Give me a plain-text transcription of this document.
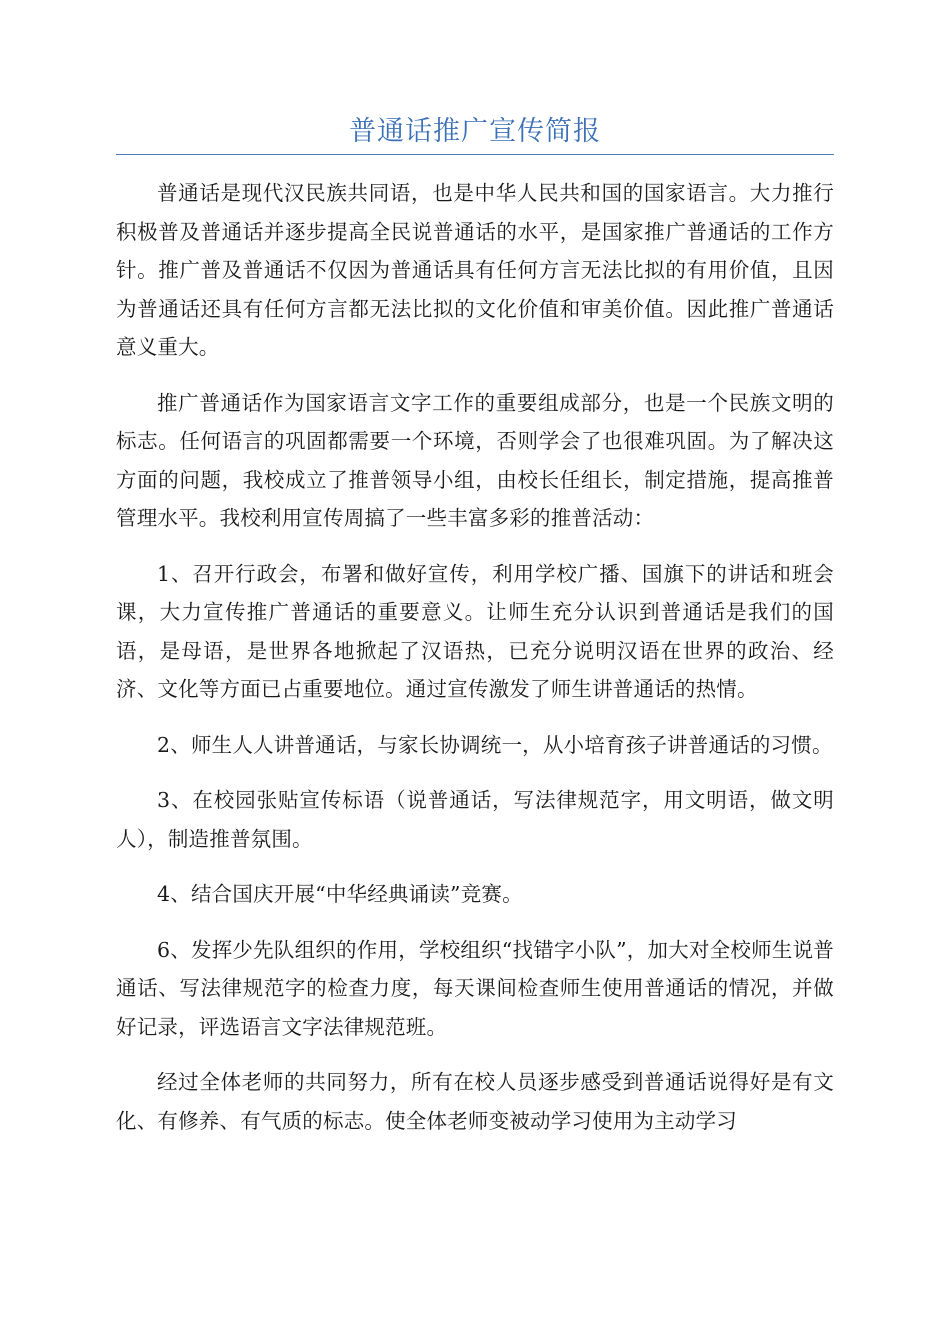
普通话推广宣传简报

普通话是现代汉民族共同语，也是中华人民共和国的国家语言。大力推行积极普及普通话并逐步提高全民说普通话的水平，是国家推广普通话的工作方针。推广普及普通话不仅因为普通话具有任何方言无法比拟的有用价值，且因为普通话还具有任何方言都无法比拟的文化价值和审美价值。因此推广普通话意义重大。

推广普通话作为国家语言文字工作的重要组成部分，也是一个民族文明的标志。任何语言的巩固都需要一个环境，否则学会了也很难巩固。为了解决这方面的问题，我校成立了推普领导小组，由校长任组长，制定措施，提高推普管理水平。我校利用宣传周搞了一些丰富多彩的推普活动：

1、召开行政会，布署和做好宣传，利用学校广播、国旗下的讲话和班会课，大力宣传推广普通话的重要意义。让师生充分认识到普通话是我们的国语，是母语，是世界各地掀起了汉语热，已充分说明汉语在世界的政治、经济、文化等方面已占重要地位。通过宣传激发了师生讲普通话的热情。

2、师生人人讲普通话，与家长协调统一，从小培育孩子讲普通话的习惯。

3、在校园张贴宣传标语（说普通话，写法律规范字，用文明语，做文明人），制造推普氛围。

4、结合国庆开展“中华经典诵读”竞赛。

6、发挥少先队组织的作用，学校组织“找错字小队”，加大对全校师生说普通话、写法律规范字的检查力度，每天课间检查师生使用普通话的情况，并做好记录，评选语言文字法律规范班。

经过全体老师的共同努力，所有在校人员逐步感受到普通话说得好是有文化、有修养、有气质的标志。使全体老师变被动学习使用为主动学习
